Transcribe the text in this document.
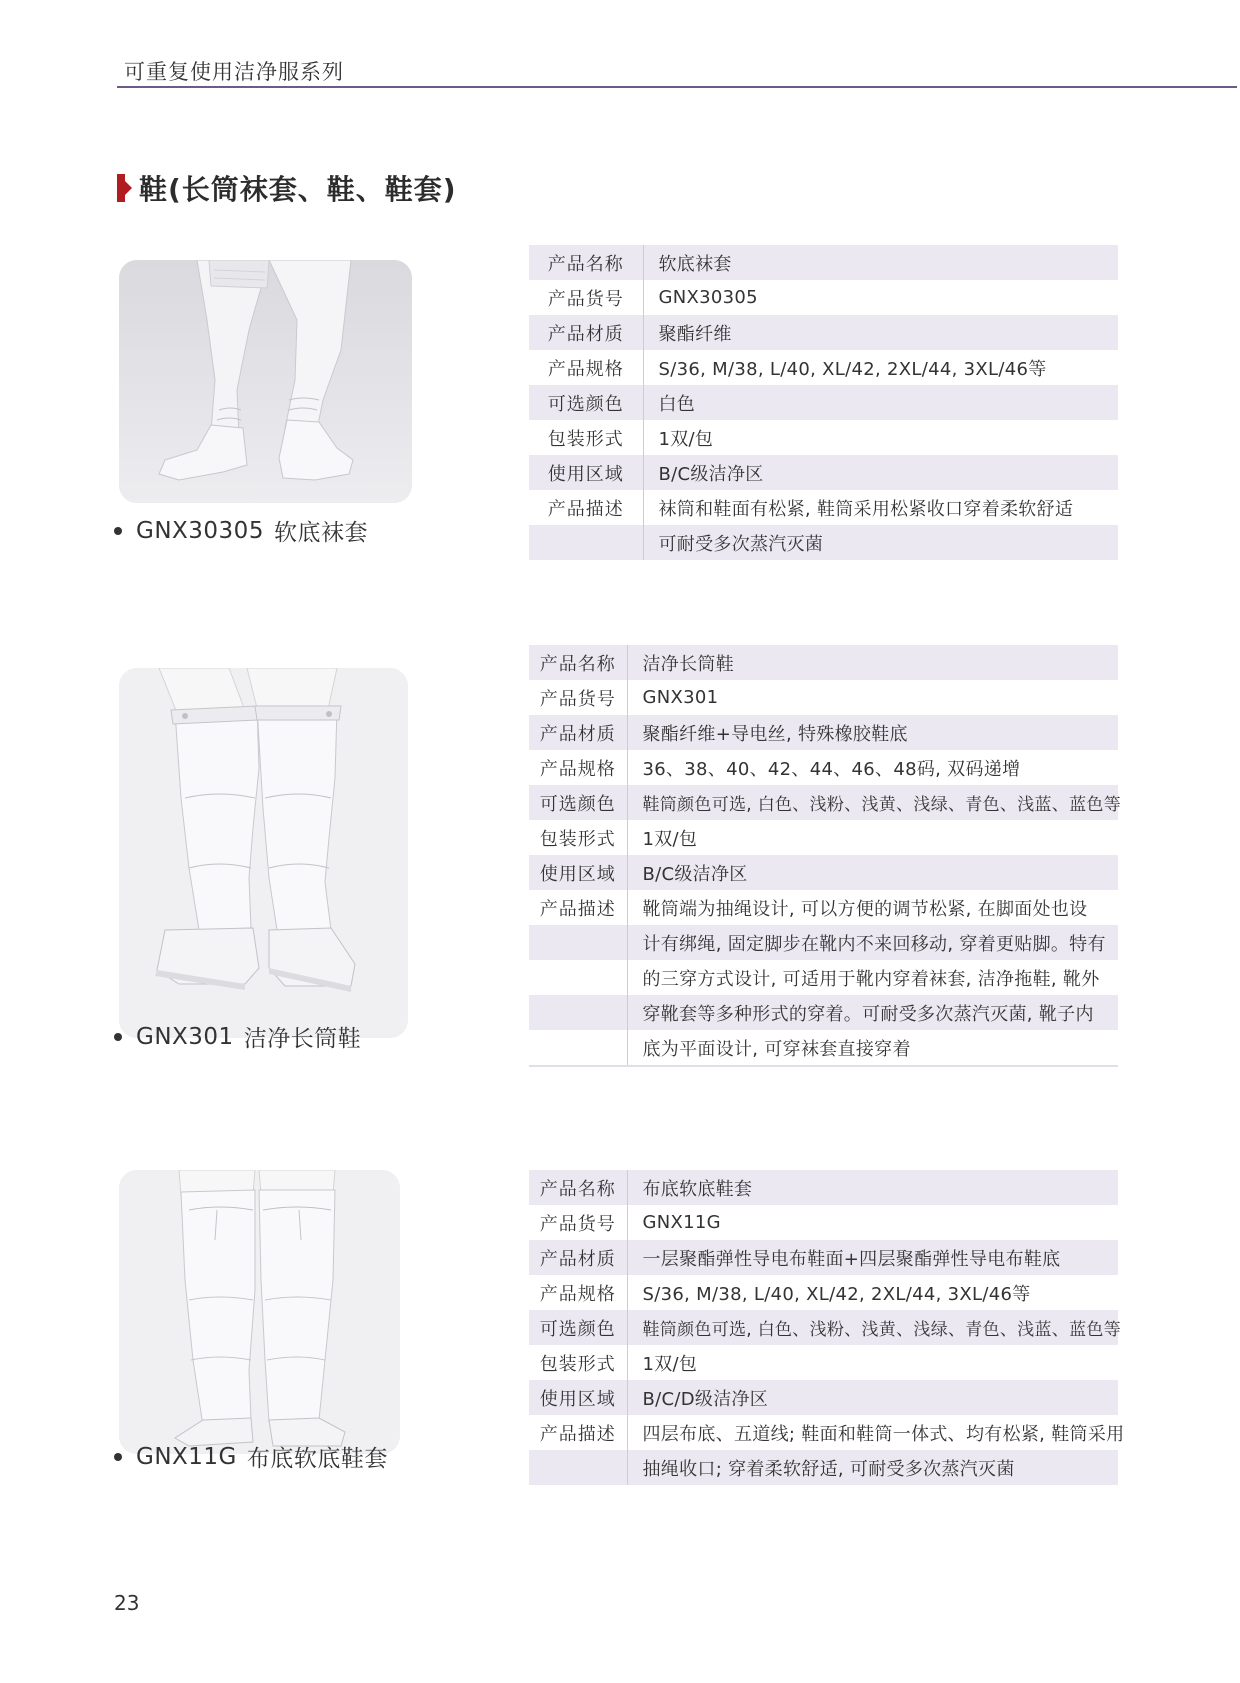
可重复使用洁净服系列
鞋(长筒袜套、鞋、鞋套)
GNX30305 软底袜套
产品名称	软底袜套
产品货号	GNX30305
产品材质	聚酯纤维
产品规格	S/36, M/38, L/40, XL/42, 2XL/44, 3XL/46等
可选颜色	白色
包装形式	1双/包
使用区域	B/C级洁净区
产品描述	袜筒和鞋面有松紧, 鞋筒采用松紧收口穿着柔软舒适
	可耐受多次蒸汽灭菌
GNX301 洁净长筒鞋
产品名称	洁净长筒鞋
产品货号	GNX301
产品材质	聚酯纤维+导电丝, 特殊橡胶鞋底
产品规格	36、38、40、42、44、46、48码, 双码递增
可选颜色	鞋筒颜色可选, 白色、浅粉、浅黄、浅绿、青色、浅蓝、蓝色等
包装形式	1双/包
使用区域	B/C级洁净区
产品描述	靴筒端为抽绳设计, 可以方便的调节松紧, 在脚面处也设
	计有绑绳, 固定脚步在靴内不来回移动, 穿着更贴脚。特有
	的三穿方式设计, 可适用于靴内穿着袜套, 洁净拖鞋, 靴外
	穿靴套等多种形式的穿着。可耐受多次蒸汽灭菌, 靴子内
	底为平面设计, 可穿袜套直接穿着
GNX11G 布底软底鞋套
产品名称	布底软底鞋套
产品货号	GNX11G
产品材质	一层聚酯弹性导电布鞋面+四层聚酯弹性导电布鞋底
产品规格	S/36, M/38, L/40, XL/42, 2XL/44, 3XL/46等
可选颜色	鞋筒颜色可选, 白色、浅粉、浅黄、浅绿、青色、浅蓝、蓝色等
包装形式	1双/包
使用区域	B/C/D级洁净区
产品描述	四层布底、五道线; 鞋面和鞋筒一体式、均有松紧, 鞋筒采用
	抽绳收口; 穿着柔软舒适, 可耐受多次蒸汽灭菌
23
